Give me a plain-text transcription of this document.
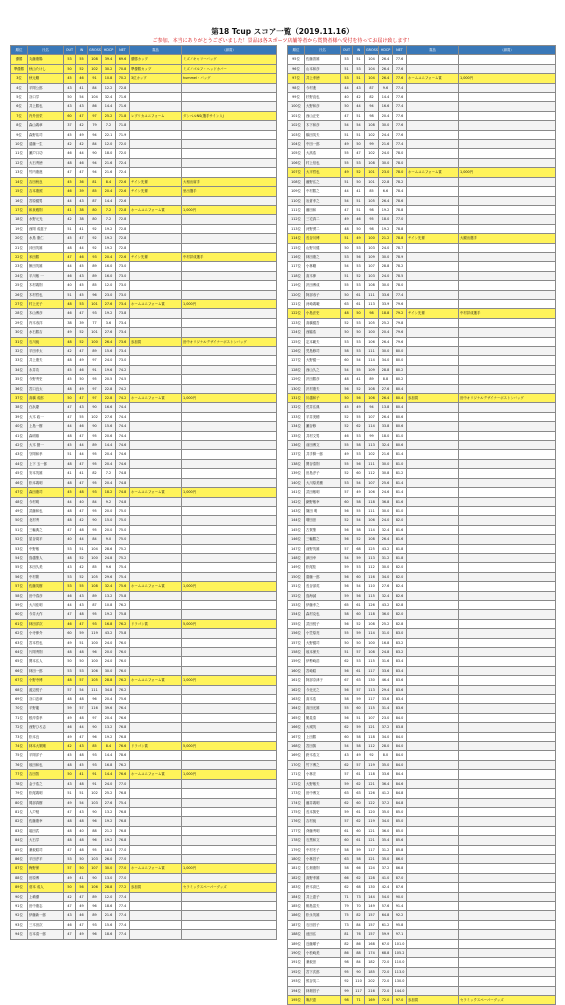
第18 Tcup スコア一覧（2019.11.16）
ご参加、本当にありがとうございました！景品は各スポーツ店舗等者から賞賛者様へ受付を待ってお届け致します！
順位	氏名	OUT	IN	GROSS	HDCP	NET	賞品	（副賞）
優勝	丸藤康陽	53	55	108	39.4	69.6	優勝カップ	ミズノキャリーバッグ
準優勝	秋山たけし	50	52	102	30.2	70.8	準優勝カップ	ミズノゴルフ・ヘッドカバー
3位	秋元剛	45	46	91	10.8	70.2	3位カップ	hummel・バッグ
4位	平岡公郎	43	41	84	12.2	72.8		
5位	谷口学	50	54	104	32.4	71.6		
6位	井上勝也	43	43	86	14.4	71.6		
7位	内外田栄	60	47	97	25.2	71.8	レプリカユニフォーム	ダンベルNS(選手サイン入)
8位	森山義章	37	42	79	7.2	71.8		
9位	森野祐司	45	49	94	22.1	71.9		
10位	遠藤一生	42	42	84	12.0	72.0		
11位	瀬戸口功	46	44	90	18.0	72.0		
12位	大石秀徳	48	46	94	21.6	72.4		
13位	竹内康進	47	47	94	21.6	72.4		
14位	吉田秋良	45	36	81	8.4	72.6	チイン先輩	大相出席手
15位	吉本康照	46	39	85	20.4	72.6	チイン先輩	里出選手
16位	宮原健男	44	43	87	14.4	72.6		
17位	和泉雅則	41	38	80	7.2	72.8	ホームユニフォーム賞	1,000円
18位	水野元光	42	38	80	7.2	72.8		
19位	西岡 成恵子	51	41	92	19.2	72.8		
20位	水鳥 康仁	45	47	92	19.2	72.8		
21位	沖田茂雄	48	44	92	19.2	72.8		
22位	米田勝	47	46	93	20.4	72.6	チイン先輩	中村昇成選手
23位	飯田茂雄	44	45	89	16.0	73.0		
24位	平川敏 一	46	43	89	16.0	73.0		
25位	木村義則	40	45	85	12.0	73.0		
26位	木村哲也	51	45	96	23.0	73.0		
27位	村上光子	48	53	101	27.6	73.4	ホームユニフォーム賞	1,000円
28位	木山博彦	46	47	93	19.2	73.8		
29位	内木寿洋	38	39	77	3.6	73.4		
30位	水石勝吉	49	52	101	27.6	73.4		
31位	石川純	48	52	100	26.4	73.6	参加賞	田中オリジナルデザイナーボストンバッグ
32位	平田孝太	42	47	89	15.6	73.4		
33位	井上康夫	48	49	97	24.0	73.0		
34位	永井功	45	46	91	19.6	74.2		
35位	今野秀史	45	50	95	20.5	74.5		
36位	宮口良太	48	49	97	22.8	74.2		
37位	高橋 成郎	50	47	97	22.8	74.2	ホームユニフォーム賞	1,000円
38位	白浜慶	47	43	90	16.6	74.4		
39位	大木 政一	47	55	102	27.6	74.4		
40位	上島一樹	44	46	90	15.6	74.4		
41位	森明雄	48	47	95	20.6	74.4		
42位	大木 猪一	45	44	89	14.4	74.6		
43位	守岡和孝	51	44	95	20.4	74.6		
44位	上下 玉一郎	48	47	95	20.4	74.6		
45位	安本茂雄	41	41	82	7.2	74.8		
46位	松本義明	48	47	95	20.4	74.8		
47位	森田康司	45	48	93	18.2	74.8	ホームユニフォーム賞	1,000円
48位	今村明	44	40	84	9.2	74.8		
49位	武藤和也	48	47	95	20.0	75.0		
50位	北村秀	48	42	90	15.0	75.0		
51位	三輪典之	47	48	95	20.0	75.0		
52位	星谷周平	40	44	84	9.0	75.0		
53位	中野敏	53	51	104	28.6	75.2		
54位	鳥越聖人	48	52	100	24.8	75.2		
55位	本田久美	43	42	85	9.6	75.4		
56位	中村繁	53	52	105	29.6	75.4		
57位	佐藤英樹	53	55	108	32.4	75.6	ホームユニフォーム賞	1,000円
58位	田中春彦	46	43	89	13.2	75.8		
59位	大川佳明	44	43	87	10.8	76.2		
60位	今井大作	47	48	95	19.2	75.8		
61位	林田洋次	46	47	93	16.8	76.2	ドラゴン賞	5,000円
62位	小寺伸介	60	59	119	43.2	75.8		
63位	宮本哲也	49	51	100	24.0	76.0		
64位	片岡秀則	48	48	96	20.0	76.0		
65位	関本弘人	50	50	100	24.0	76.0		
66位	林田一郎	53	53	106	30.0	76.0		
67位	小野寺博	48	57	105	28.8	76.2	ホームユニフォーム賞	1,000円
68位	渡辺悦子	57	54	111	34.8	76.2		
69位	谷口忠章	48	48	96	20.4	75.6		
70位	平野龍	59	57	116	39.6	76.4		
71位	根岸泰孝	49	48	97	20.4	76.6		
72位	西野ひろ志	46	44	90	13.2	76.8		
73位	松本良	49	47	96	19.2	76.8		
74位	林本大策剛	42	43	85	8.4	76.6	ドラゴン賞	5,000円
75位	平岡洋子	45	48	93	14.4	78.6		
76位	坂田和也	48	45	93	16.8	76.2		
77位	吉田智	50	41	91	14.4	76.6	ホームユニフォーム賞	1,000円
78位	金子浩之	43	48	91	24.0	77.0		
79位	松尾義明	51	51	102	25.2	76.8		
80位	岡部真樹	49	54	103	27.6	75.4		
81位	入戸勉	47	43	90	13.2	76.8		
82位	佐藤康幸	48	48	96	19.2	76.8		
83位	堀田武	48	40	88	21.2	76.8		
84位	大石学	48	48	96	19.2	76.8		
85位	兼坂昭司	47	48	95	18.0	77.0		
86位	平田淳平	53	50	103	26.0	77.0		
87位	梅野保	57	50	107	30.0	77.0	ホームユニフォーム賞	1,000円
88位	田原博	49	41	90	13.0	77.0		
89位	菅本 成人	50	56	106	28.8	77.2	参加賞	セラミックスペーパーグッズ
90位	上嶋優	42	47	89	12.0	77.4		
91位	田中康志	47	49	96	18.6	77.4		
92位	伊藤新一郎	43	46	89	21.6	77.4		
93位	三木田次	46	47	93	15.6	77.4		
94位	石本清一郎	47	49	96	18.6	77.4		
順位	氏名	OUT	IN	GROSS	HDCP	NET	賞品	（副賞）
95位	佐藤善雄	53	51	104	26.4	77.6		
96位	山本和彦	51	53	104	26.4	77.6		
97位	井上孝徳	53	51	104	26.4	77.6	ホームユニフォーム賞	1,000円
98位	今村進	44	43	87	9.6	77.4		
99位	杉野直也	40	42	82	14.4	77.6		
100位	大野和彦	50	44	94	16.6	77.4		
101位	西山正史	47	51	98	20.4	77.6		
102位	木下和彦	54	54	108	30.0	77.6		
103位	橋田英夫	51	51	102	24.4	77.6		
104位	中田一郎	49	50	99	21.6	77.4		
105位	大高浩	55	47	102	24.0	78.0		
106位	村上信也	55	53	108	30.0	78.0		
107位	大平哲也	49	52	101	23.0	78.0	ホームユニフォーム賞	1,000円
108位	藤野弘之	51	50	101	22.8	78.2		
109位	中村勝之	44	41	85	6.6	78.4		
110位	岩倉孝之	54	51	105	26.4	78.6		
111位	藤田和	47	51	98	19.2	78.8		
112位	三宅真二	49	46	95	18.0	77.0		
113位	河野勇二	48	50	98	19.2	78.8		
114位	長谷川博	51	49	100	21.2	78.8	チイン先輩	大観出選手
115位	山野川健	50	53	103	24.0	78.7		
116位	林田康之	53	56	109	30.0	78.9		
117位	小林剛	54	53	107	28.8	78.2		
118位	高木伸	51	52	103	24.0	78.5		
119位	沢田博成	55	53	108	30.0	78.0		
120位	阿部寿子	50	61	111	33.6	77.4		
121位	河崎義範	63	61	113	33.9	79.6		
122位	小島法史	48	50	98	18.8	79.2	チイン先輩	中村昇成選手
123位	高橋健吾	52	53	105	25.2	79.8		
124位	西脇浩	50	50	100	20.4	79.6		
125位	定本範夫	53	53	106	26.4	79.6		
126位	児島修司	58	53	111	30.0	80.0		
127位	大野健一	60	54	114	34.0	80.0		
128位	西山久之	54	55	109	28.8	80.2		
129位	沢田勝彦	48	41	89	8.8	80.2		
130位	沢村康夫	56	52	108	27.6	80.4		
131位	川越和子	50	56	106	26.4	80.4	参加賞	田中オリジナルデザイナーボストンバッグ
132位	荒井弘典	45	49	94	13.8	80.4		
133位	平井美穂	52	55	107	26.4	80.6		
134位	瀬谷修	52	62	114	33.8	80.6		
135位	井村文男	46	53	99	18.0	81.0		
136位	前田博文	55	58	113	32.4	80.6		
137位	井手賢一郎	49	53	102	21.6	81.4		
138位	関谷泰則	55	56	111	30.0	81.0		
139位	田島淳子	52	60	112	30.8	81.2		
140位	大川原美穂	53	54	107	25.6	81.4		
141位	武田敏明	57	49	106	24.6	81.4		
142位	網野敏幸	60	58	118	36.8	81.6		
143位	篠田 明	56	55	111	30.0	81.0		
144位	増田崇	52	54	106	24.0	82.0		
145位	古賀聖	56	58	114	32.4	81.6		
146位	三輪勝之	56	52	108	26.4	81.6		
147位	前野茂雄	57	68	125	43.2	81.8		
148位	津田幸	54	59	113	31.2	81.8		
149位	松尾桂	59	53	112	30.0	82.0		
150位	齋藤一郎	56	60	116	34.0	82.0		
151位	長谷部英	56	54	110	27.6	82.4		
152位	鳥海誠	59	56	115	32.4	82.6		
153位	伊藤孝之	65	61	126	43.2	82.8		
154位	森村克也	58	60	118	36.0	82.0		
155位	武田悦子	56	52	108	25.2	82.8		
156位	小笠原亮	55	59	114	31.0	83.0		
157位	大野健司	50	50	100	16.8	83.2		
158位	坂本保夫	51	57	108	24.8	83.2		
159位	伊勢崎浩	62	53	115	31.6	83.4		
160位	宮崎昭	56	61	117	33.6	83.4		
161位	阿部奈津子	67	63	130	46.4	83.6		
162位	今北光之	56	57	113	29.4	83.6		
163位	高木浩	58	59	117	33.6	83.4		
164位	高田光雄	55	60	115	31.4	83.6		
165位	鶴見泰	56	51	107	23.0	84.0		
166位	大城茂	62	59	121	37.2	83.8		
167位	上田勝	60	58	118	34.0	84.0		
168位	宮田篤	54	58	112	28.0	84.0		
169位	鈴木浩文	43	49	92	8.0	84.0		
170位	竹下博之	62	57	119	35.0	84.0		
171位	小林宏	57	61	118	33.6	84.4		
172位	大野敏夫	59	62	121	36.4	84.6		
173位	田中博文	63	63	126	41.2	84.8		
174位	藤井義明	62	60	122	37.2	84.8		
175位	長本篤史	59	61	120	35.0	85.0		
176位	吉村純	57	62	119	34.0	85.0		
177位	斉藤秀明	61	60	121	36.0	85.0		
178位	石黒和文	60	61	121	35.4	85.6		
179位	中村冬子	58	59	117	31.2	85.8		
180位	小林昌子	63	58	121	35.0	86.0		
181位	広畑康則	58	66	124	37.2	86.8		
182位	高野孝雄	66	62	128	41.0	87.0		
183位	鈴木高巳	62	68	130	42.4	87.6		
184位	井上恵子	71	73	144	54.0	90.0		
185位	桐島富夫	79	70	149	57.6	91.4		
186位	松永茂雄	75	82	157	64.8	92.2		
187位	石田昌子	73	84	157	61.2	95.8		
188位	池田弘	81	76	157	59.9	97.1		
189位	近藤順子	82	86	168	67.0	101.0		
190位	小松崎美	86	88	174	68.8	105.2		
191位	兼坂崇	98	84	182	72.0	110.0		
192位	宮下次郎	95	90	185	72.0	113.0		
193位	熊谷英二	92	110	202	72.0	130.0		
194位	林畑昌子	99	117	216	72.0	144.0		
195位	亀沢恵	98	71	169	72.0	97.0	参加賞	セラミックスペーパーグッズ
